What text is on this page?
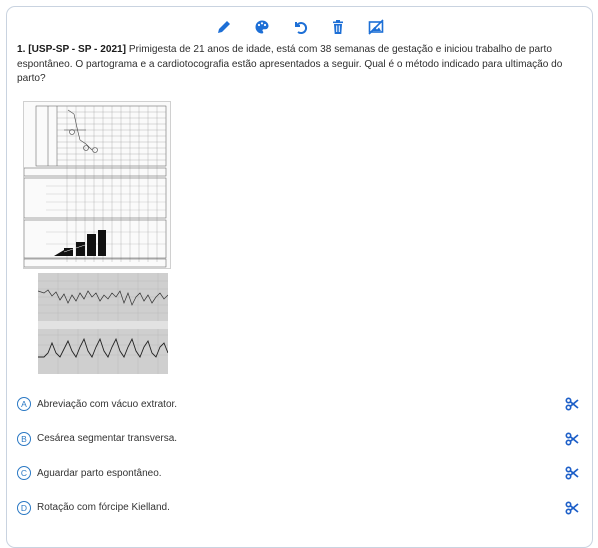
1. [USP-SP - SP - 2021] Primigesta de 21 anos de idade, está com 38 semanas de gestação e iniciou trabalho de parto espontâneo. O partograma e a cardiotocografia estão apresentados a seguir. Qual é o método indicado para ultimação do parto?
A	Abreviação com vácuo extrator.
B	Cesárea segmentar transversa.
C Aguardar parto espontâneo.
D Rotação com fórcipe Kielland.
